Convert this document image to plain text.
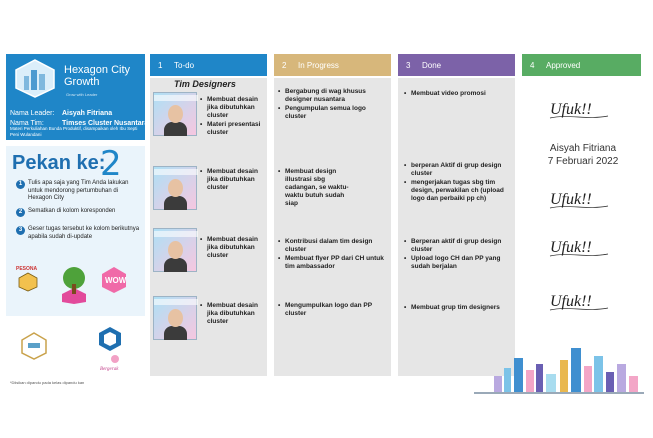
Hexagon City Growth
Grow with Leader
Nama Leader: Aisyah Fitriana
Nama Tim:	Timses Cluster Nusantara
Materi Perkuliahan Bunda Produktif, disampaikan oleh Ibu Septi Peni Wulandani
Pekan ke:
2
1 Tulis apa saja yang Tim Anda lakukan untuk mendorong pertumbuhan di Hexagon City
2 Sematkan di kolom koresponden
3 Geser tugas tersebut ke kolom berikutnya apabila sudah di-update
PESONA
WOW
Bergerak
*Diisikan dipandu pada kelas dipandu kan
1 To-do	2 In Progress	3 Done	4 Approved
Tim Designers
• Membuat desain jika dibutuhkan cluster
• Materi presentasi cluster
• Membuat desain jika dibutuhkan cluster
• Membuat desain jika dibutuhkan cluster
• Membuat desain jika dibutuhkan cluster
• Bergabung di wag khusus designer nusantara
• Pengumpulan semua logo cluster
• Membuat design illustrasi sbg cadangan, se waktu-waktu butuh sudah siap
• Kontribusi dalam tim design cluster
• Membuat flyer PP dari CH untuk tim ambassador
• Mengumpulkan logo dan PP cluster
• Membuat video promosi
• berperan Aktif di grup design cluster
• mengerjakan tugas sbg tim design, perwakilan ch (upload logo dan perbaiki pp ch)
• Berperan aktif di grup design cluster
• Upload logo CH dan PP yang sudah berjalan
• Membuat grup tim designers
Ufuk!!
Aisyah Fitriana
7 Februari 2022
Ufuk!!
Ufuk!!
Ufuk!!
